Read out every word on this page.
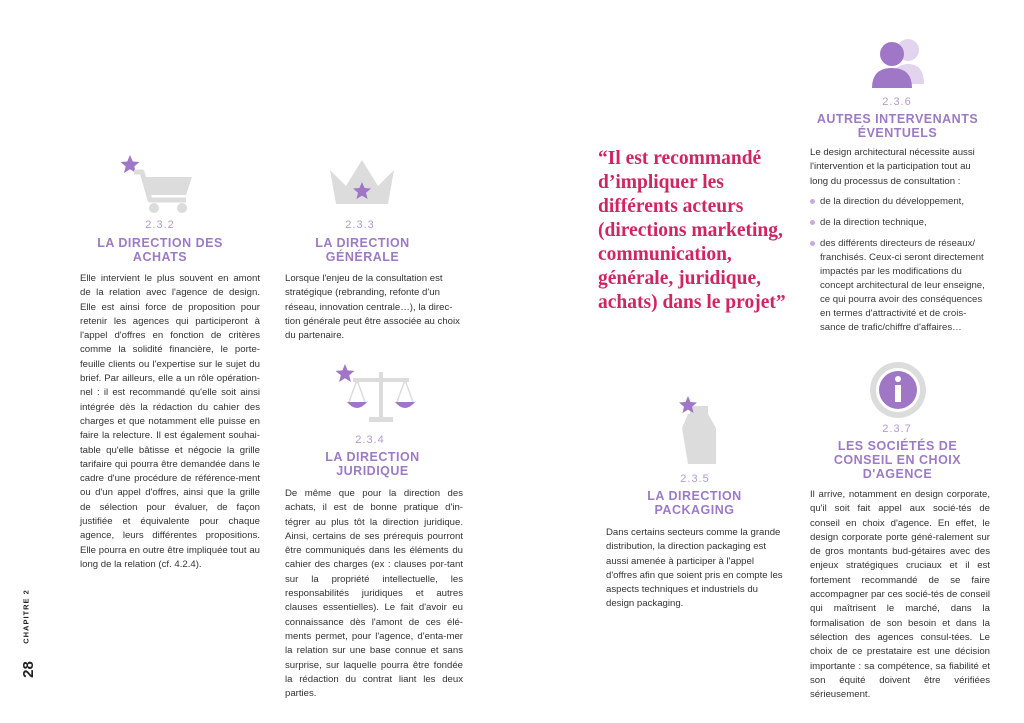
CHAPITRE 2
28
2.3.2
LA DIRECTION DES ACHATS
Elle intervient le plus souvent en amont de la relation avec l'agence de design. Elle est ainsi force de proposition pour retenir les agences qui participeront à l'appel d'offres en fonction de critères comme la solidité financière, le porte-feuille clients ou l'expertise sur le sujet du brief. Par ailleurs, elle a un rôle opération-nel : il est recommandé qu'elle soit ainsi intégrée dès la rédaction du cahier des charges et que notamment elle puisse en faire la relecture. Il est également souhai-table qu'elle bâtisse et négocie la grille tarifaire qui pourra être demandée dans le cadre d'une procédure de référence-ment ou d'un appel d'offres, ainsi que la grille de sélection pour évaluer, de façon justifiée et équivalente pour chaque agence, leurs différentes propositions. Elle pourra en outre être impliquée tout au long de la relation (cf. 4.2.4).
2.3.3
LA DIRECTION GÉNÉRALE
Lorsque l'enjeu de la consultation est stratégique (rebranding, refonte d'un réseau, innovation centrale…), la direc-tion générale peut être associée au choix du partenaire.
2.3.4
LA DIRECTION JURIDIQUE
De même que pour la direction des achats, il est de bonne pratique d'in-tégrer au plus tôt la direction juridique. Ainsi, certains de ses prérequis pourront être communiqués dans les éléments du cahier des charges (ex : clauses por-tant sur la propriété intellectuelle, les responsabilités juridiques et autres clauses essentielles). Le fait d'avoir eu connaissance dès l'amont de ces élé-ments permet, pour l'agence, d'enta-mer la relation sur une base connue et sans surprise, sur laquelle pourra être fondée la rédaction du contrat liant les deux parties.
“Il est recommandé d’impliquer les différents acteurs (directions marketing, communication, générale, juridique, achats) dans le projet”
2.3.5
LA DIRECTION PACKAGING
Dans certains secteurs comme la grande distribution, la direction packaging est aussi amenée à participer à l'appel d'offres afin que soient pris en compte les aspects techniques et industriels du design packaging.
2.3.6
AUTRES INTERVENANTS ÉVENTUELS
Le design architectural nécessite aussi l'intervention et la participation tout au long du processus de consultation :
de la direction du développement,
de la direction technique,
des différents directeurs de réseaux/ franchisés. Ceux-ci seront directement impactés par les modifications du concept architectural de leur enseigne, ce qui pourra avoir des conséquences en termes d'attractivité et de crois-sance de trafic/chiffre d'affaires…
2.3.7
LES SOCIÉTÉS DE CONSEIL EN CHOIX D'AGENCE
Il arrive, notamment en design corporate, qu'il soit fait appel aux socié-tés de conseil en choix d'agence. En effet, le design corporate porte géné-ralement sur de gros montants bud-gétaires avec des enjeux stratégiques cruciaux et il est fortement recommandé de se faire accompagner par ces socié-tés de conseil qui maîtrisent le marché, dans la formalisation de son besoin et dans la sélection des agences consul-tées. Le choix de ce prestataire est une décision importante : sa compétence, sa fiabilité et son équité doivent être vérifiées sérieusement.
